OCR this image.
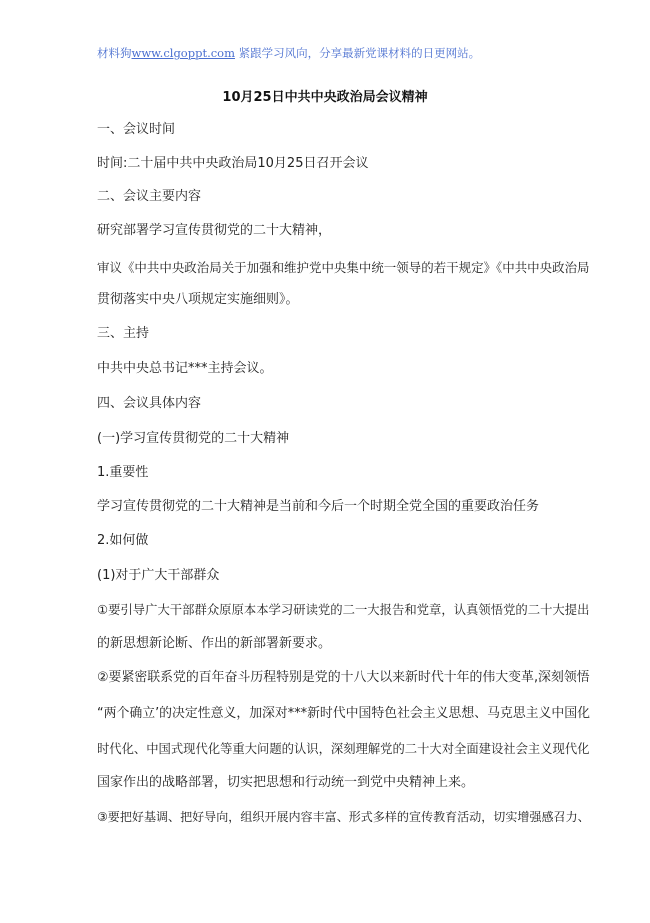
材料狗www.clgoppt.com 紧跟学习风向，分享最新党课材料的日更网站。
10月25日中共中央政治局会议精神
一、会议时间
时间:二十届中共中央政治局10月25日召开会议
二、会议主要内容
研究部署学习宣传贯彻党的二十大精神，
审议《中共中央政治局关于加强和维护党中央集中统一领导的若干规定》《中共中央政治局
贯彻落实中央八项规定实施细则》。
三、主持
中共中央总书记***主持会议。
四、会议具体内容
(一)学习宣传贯彻党的二十大精神
1.重要性
学习宣传贯彻党的二十大精神是当前和今后一个时期全党全国的重要政治任务
2.如何做
(1)对于广大干部群众
①要引导广大干部群众原原本本学习研读党的二一大报告和党章，认真领悟党的二十大提出
的新思想新论断、作出的新部署新要求。
②要紧密联系党的百年奋斗历程特别是党的十八大以来新时代十年的伟大变革,深刻领悟
“两个确立’的决定性意义，加深对***新时代中国特色社会主义思想、马克思主义中国化
时代化、中国式现代化等重大问题的认识，深刻理解党的二十大对全面建设社会主义现代化
国家作出的战略部署，切实把思想和行动统一到党中央精神上来。
③要把好基调、把好导向，组织开展内容丰富、形式多样的宣传教育活动，切实增强感召力、
